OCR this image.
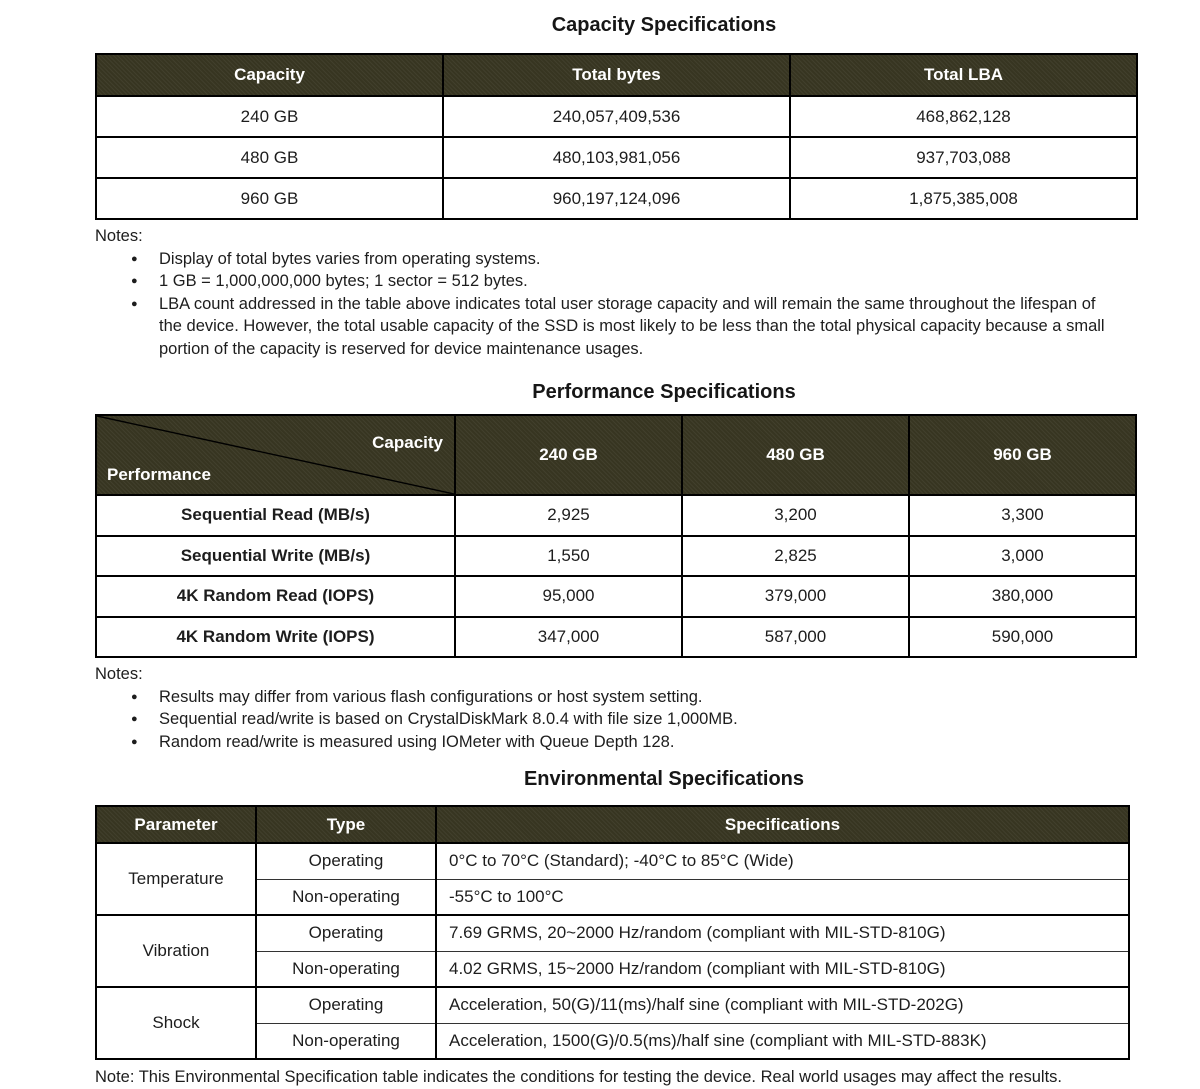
Capacity Specifications
Capacity	Total bytes	Total LBA
240 GB	240,057,409,536	468,862,128
480 GB	480,103,981,056	937,703,088
960 GB	960,197,124,096	1,875,385,008
Notes:
●	Display of total bytes varies from operating systems.
●	1 GB = 1,000,000,000 bytes; 1 sector = 512 bytes.
●	LBA count addressed in the table above indicates total user storage capacity and will remain the same throughout the lifespan of the device. However, the total usable capacity of the SSD is most likely to be less than the total physical capacity because a small portion of the capacity is reserved for device maintenance usages.
Performance Specifications
Capacity
Performance	240 GB	480 GB	960 GB
Sequential Read (MB/s)	2,925	3,200	3,300
Sequential Write (MB/s)	1,550	2,825	3,000
4K Random Read (IOPS)	95,000	379,000	380,000
4K Random Write (IOPS)	347,000	587,000	590,000
Notes:
●	Results may differ from various flash configurations or host system setting.
●	Sequential read/write is based on CrystalDiskMark 8.0.4 with file size 1,000MB.
●	Random read/write is measured using IOMeter with Queue Depth 128.
Environmental Specifications
Parameter	Type	Specifications
Temperature	Operating	0°C to 70°C (Standard); -40°C to 85°C (Wide)
	Non-operating	-55°C to 100°C
Vibration	Operating	7.69 GRMS, 20~2000 Hz/random (compliant with MIL-STD-810G)
	Non-operating	4.02 GRMS, 15~2000 Hz/random (compliant with MIL-STD-810G)
Shock	Operating	Acceleration, 50(G)/11(ms)/half sine (compliant with MIL-STD-202G)
	Non-operating	Acceleration, 1500(G)/0.5(ms)/half sine (compliant with MIL-STD-883K)
Note: This Environmental Specification table indicates the conditions for testing the device. Real world usages may affect the results.
